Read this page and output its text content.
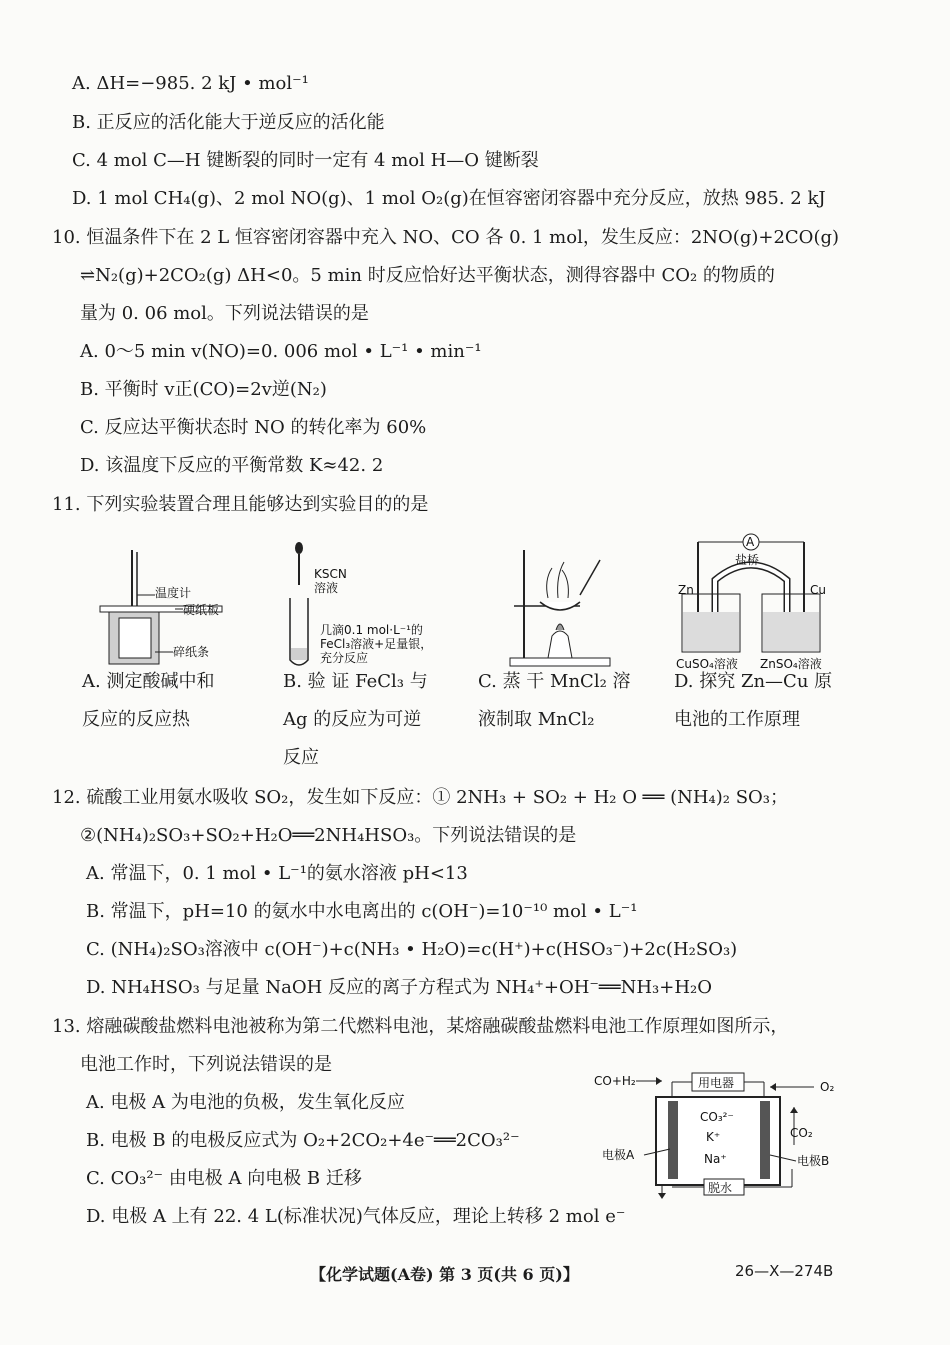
A. ΔH=−985. 2 kJ • mol⁻¹
B. 正反应的活化能大于逆反应的活化能
C. 4 mol C—H 键断裂的同时一定有 4 mol H—O 键断裂
D. 1 mol CH₄(g)、2 mol NO(g)、1 mol O₂(g)在恒容密闭容器中充分反应，放热 985. 2 kJ
10. 恒温条件下在 2 L 恒容密闭容器中充入 NO、CO 各 0. 1 mol，发生反应：2NO(g)+2CO(g)
⇌N₂(g)+2CO₂(g) ΔH<0。5 min 时反应恰好达平衡状态，测得容器中 CO₂ 的物质的
量为 0. 06 mol。下列说法错误的是
A. 0～5 min v(NO)=0. 006 mol • L⁻¹ • min⁻¹
B. 平衡时 v正(CO)=2v逆(N₂)
C. 反应达平衡状态时 NO 的转化率为 60%
D. 该温度下反应的平衡常数 K≈42. 2
11. 下列实验装置合理且能够达到实验目的的是
温度计
硬纸板
碎纸条
KSCN
溶液
几滴0.1 mol·L⁻¹的
FeCl₃溶液+足量银，
充分反应
A
盐桥
Zn	Cu
CuSO₄溶液 ZnSO₄溶液
A. 测定酸碱中和
反应的反应热
B. 验 证 FeCl₃ 与
Ag 的反应为可逆
反应
C. 蒸 干 MnCl₂ 溶
液制取 MnCl₂
D. 探究 Zn—Cu 原
电池的工作原理
12. 硫酸工业用氨水吸收 SO₂，发生如下反应：① 2NH₃ + SO₂ + H₂ O ══ (NH₄)₂ SO₃；
②(NH₄)₂SO₃+SO₂+H₂O══2NH₄HSO₃。下列说法错误的是
A. 常温下，0. 1 mol • L⁻¹的氨水溶液 pH<13
B. 常温下，pH=10 的氨水中水电离出的 c(OH⁻)=10⁻¹⁰ mol • L⁻¹
C. (NH₄)₂SO₃溶液中 c(OH⁻)+c(NH₃ • H₂O)=c(H⁺)+c(HSO₃⁻)+2c(H₂SO₃)
D. NH₄HSO₃ 与足量 NaOH 反应的离子方程式为 NH₄⁺+OH⁻══NH₃+H₂O
13. 熔融碳酸盐燃料电池被称为第二代燃料电池，某熔融碳酸盐燃料电池工作原理如图所示，
电池工作时，下列说法错误的是
A. 电极 A 为电池的负极，发生氧化反应
B. 电极 B 的电极反应式为 O₂+2CO₂+4e⁻══2CO₃²⁻
C. CO₃²⁻ 由电极 A 向电极 B 迁移
D. 电极 A 上有 22. 4 L(标准状况)气体反应，理论上转移 2 mol e⁻
CO+H₂	用电器	O₂
CO₃²⁻
K⁺
Na⁺
CO₂
电极A	电极B
脱水
【化学试题(A卷) 第 3 页(共 6 页)】	26—X—274B
